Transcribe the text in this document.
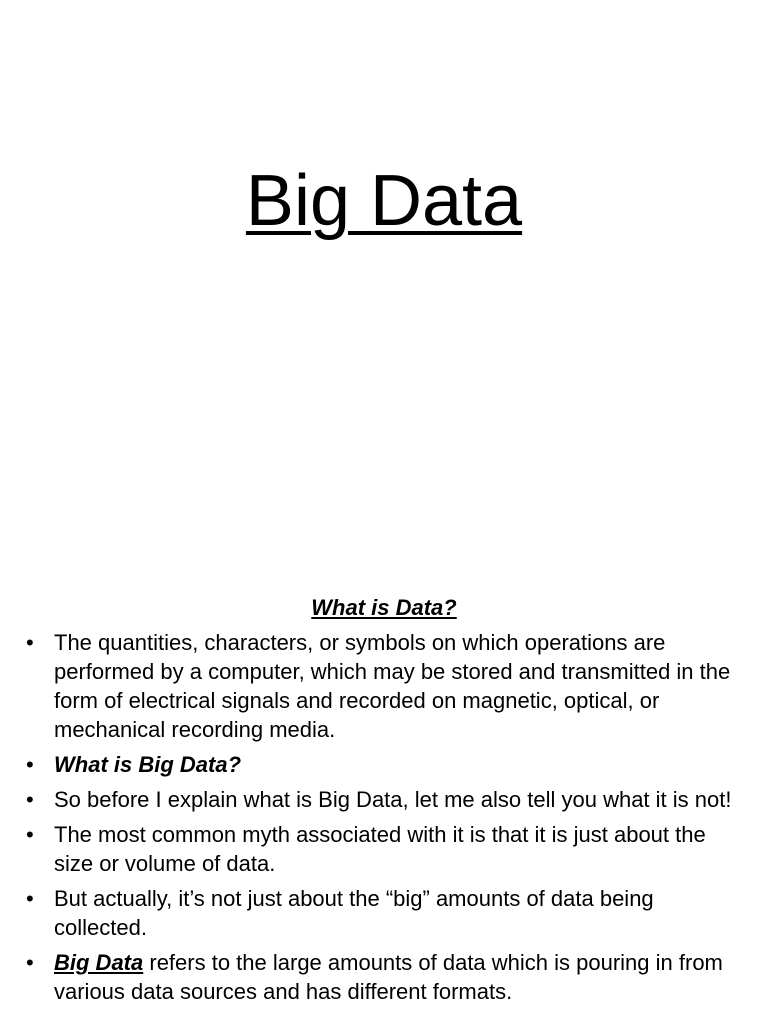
Big Data
What is Data?
• The quantities, characters, or symbols on which operations are performed by a computer, which may be stored and transmitted in the form of electrical signals and recorded on magnetic, optical, or mechanical recording media.
• What is Big Data?
• So before I explain what is Big Data, let me also tell you what it is not!
• The most common myth associated with it is that it is just about the size or volume of data.
• But actually, it’s not just about the “big” amounts of data being collected.
• Big Data refers to the large amounts of data which is pouring in from various data sources and has different formats.
